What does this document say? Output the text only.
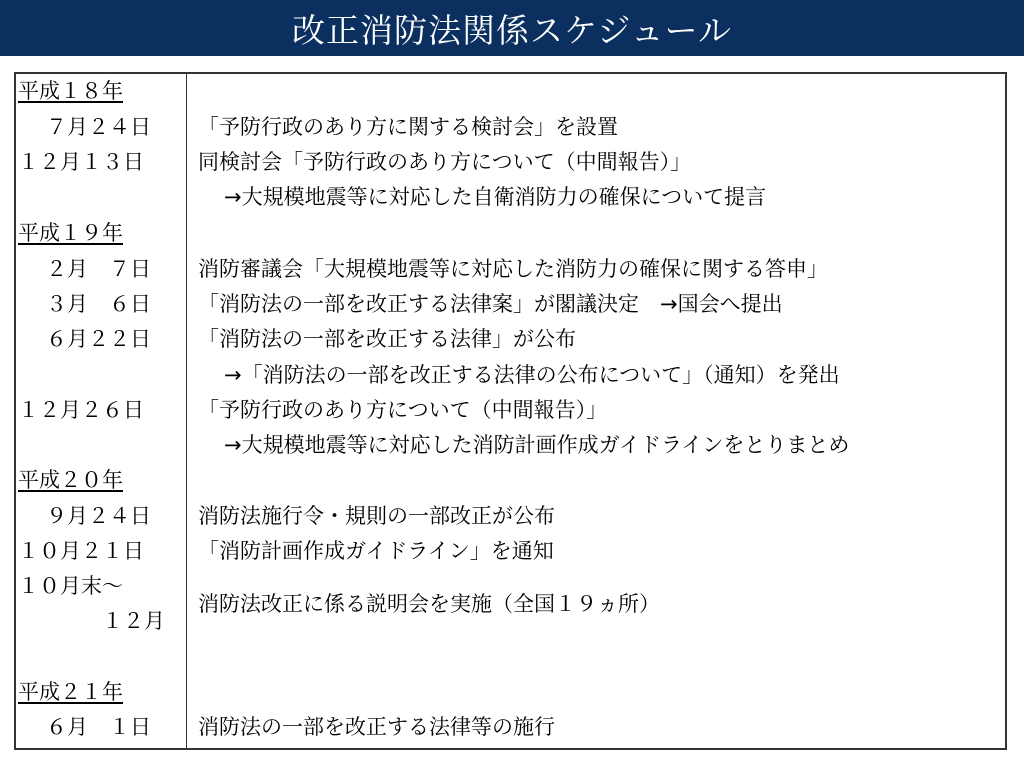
改正消防法関係スケジュール
平成１８年
７月２４日
１２月１３日
平成１９年
２月　７日
３月　６日
６月２２日
１２月２６日
平成２０年
９月２４日
１０月２１日
１０月末～
１２月
平成２１年
６月　１日
「予防行政のあり方に関する検討会」を設置
同検討会「予防行政のあり方について（中間報告）」
→大規模地震等に対応した自衛消防力の確保について提言
消防審議会「大規模地震等に対応した消防力の確保に関する答申」
「消防法の一部を改正する法律案」が閣議決定　→国会へ提出
「消防法の一部を改正する法律」が公布
→「消防法の一部を改正する法律の公布について」（通知）を発出
「予防行政のあり方について（中間報告）」
→大規模地震等に対応した消防計画作成ガイドラインをとりまとめ
消防法施行令・規則の一部改正が公布
「消防計画作成ガイドライン」を通知
消防法改正に係る説明会を実施（全国１９ヵ所）
消防法の一部を改正する法律等の施行
